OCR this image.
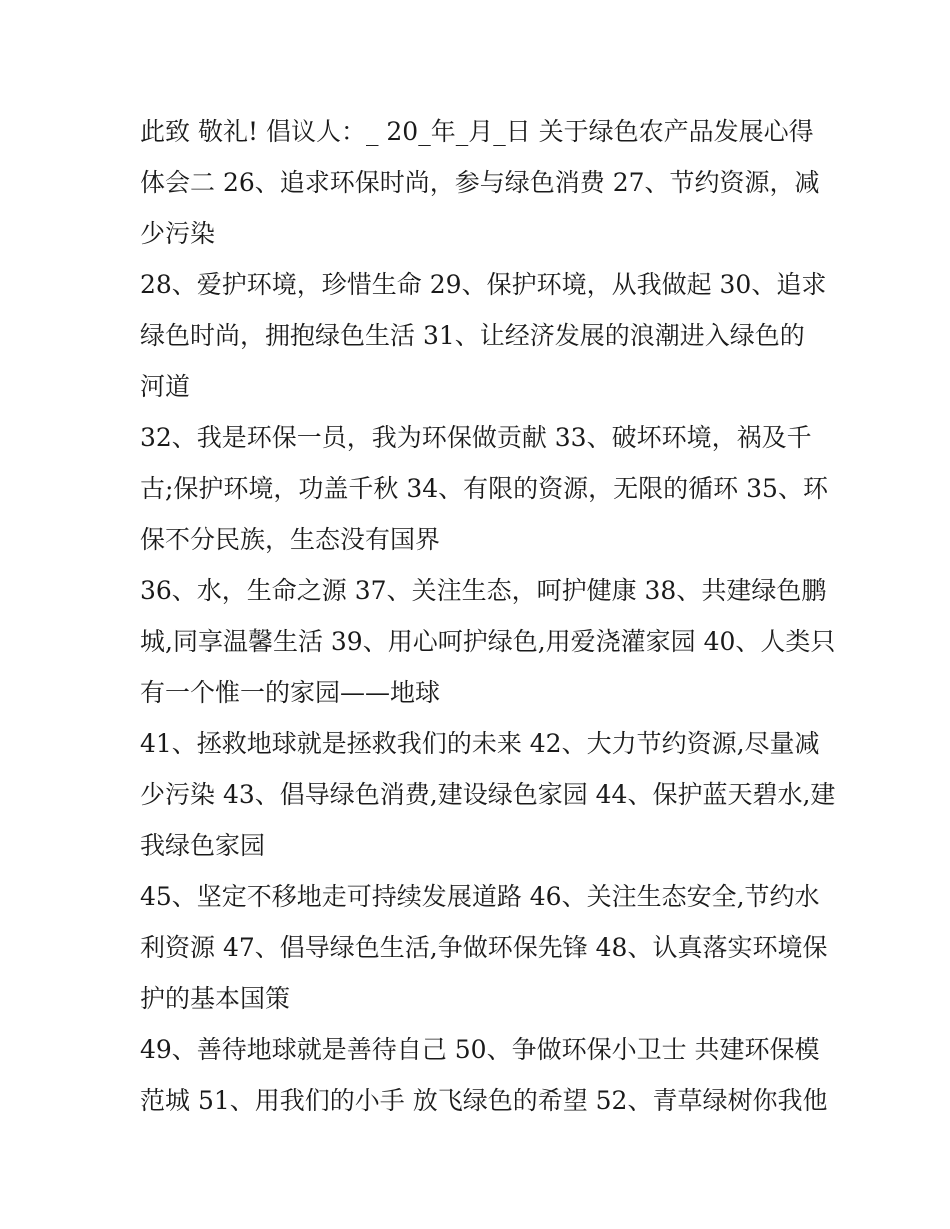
此致 敬礼! 倡议人：_ 20_年_月_日 关于绿色农产品发展心得
体会二 26、追求环保时尚，参与绿色消费 27、节约资源，减
少污染
28、爱护环境，珍惜生命 29、保护环境，从我做起 30、追求
绿色时尚，拥抱绿色生活 31、让经济发展的浪潮进入绿色的
河道
32、我是环保一员，我为环保做贡献 33、破坏环境，祸及千
古;保护环境，功盖千秋 34、有限的资源，无限的循环 35、环
保不分民族，生态没有国界
36、水，生命之源 37、关注生态，呵护健康 38、共建绿色鹏
城,同享温馨生活 39、用心呵护绿色,用爱浇灌家园 40、人类只
有一个惟一的家园——地球
41、拯救地球就是拯救我们的未来 42、大力节约资源,尽量减
少污染 43、倡导绿色消费,建设绿色家园 44、保护蓝天碧水,建
我绿色家园
45、坚定不移地走可持续发展道路 46、关注生态安全,节约水
利资源 47、倡导绿色生活,争做环保先锋 48、认真落实环境保
护的基本国策
49、善待地球就是善待自己 50、争做环保小卫士 共建环保模
范城 51、用我们的小手 放飞绿色的希望 52、青草绿树你我他
